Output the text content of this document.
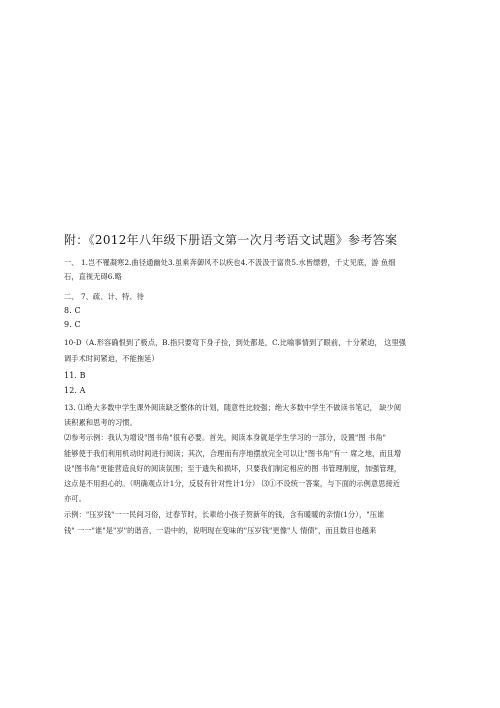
附：《2012年八年级下册语文第一次月考语文试题》参考答案
一、 1.岂不罹凝寒2.曲径通幽处3.虽乘奔御风不以疾也4.不汲汲于富贵5.水皆缥碧，千丈见底，游 鱼细
石，直视无碍6.略
二、 7、疏、计、特、待
8. C
9. C
10-D（A.形容确恨到了极点，B.指只要弯下身子捡，到处都是，C.比喻事情到了眼前，十分紧迫， 这里强
调手术时间紧迫，不能拖延）
11. B
12. A
13. ⑴绝大多数中学生课外阅读缺乏整体的计划，随意性比较强；绝大多数中学生不做读书笔记， 缺少阅
读积累和思考的习惯。
⑵参考示例：我认为增设"图书角"很有必要。首先，阅读本身就是学生学习的一部分，设置"图 书角"
能够使于我们利用机动时间进行阅读；其次，合理而有序地摆放完全可以让"图书角"有一 席之地，而且增
设"图书角"更能营造良好的阅读氛围；至于遗失和损坏，只要我们制定相应的图 书管理制度，加强管理，
这点是不用担心的。（明确观点计1分，反驳有针对性计1分） ⑶①不设统一答案，与下面的示例意思接近
亦可。
示例："压岁钱"一一民间习俗，过春节时，长辈给小孩子贺新年的钱，含有暖暖的亲情(1分），"压谁
钱" 一一"谁"是"岁"的谐音，一语中的，说明现在变味的"压岁钱"更像"人 情债"，而且数目也越来
